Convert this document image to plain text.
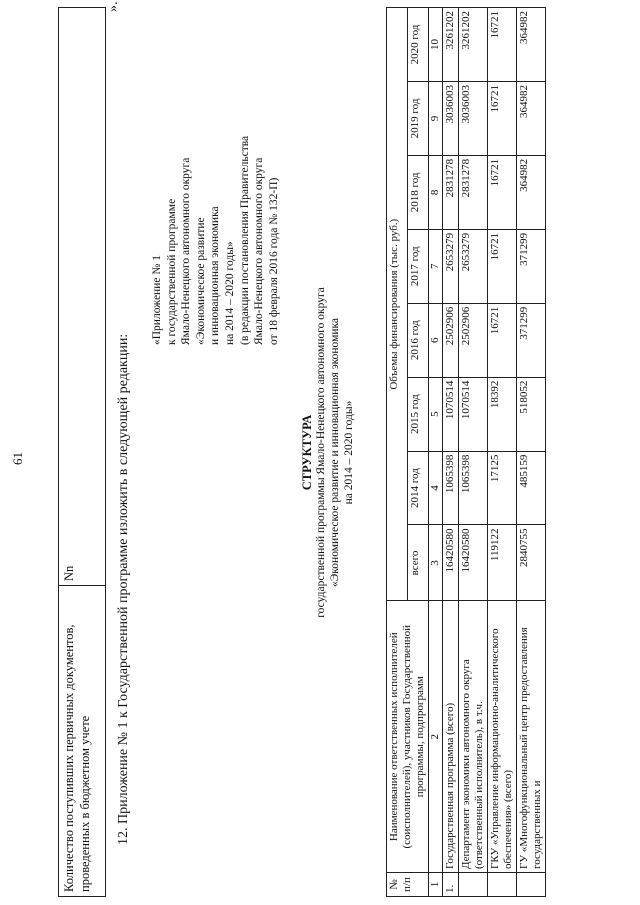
61
Количество поступивших первичных документов, проведенных в бюджетном учете	Nn
».
12. Приложение № 1 к Государственной программе изложить в следующей редакции:
«Приложение № 1 к государственной программе Ямало-Ненецкого автономного округа «Экономическое развитие и инновационная экономика на 2014 – 2020 годы» (в редакции постановления Правительства Ямало-Ненецкого автономного округа от 18 февраля 2016 года № 132-П)
СТРУКТУРА государственной программы Ямало-Ненецкого автономного округа «Экономическое развитие и инновационная экономика на 2014 – 2020 годы»
№ п/п	Наименование ответственных исполнителей (соисполнителей), участников Государственной программы, подпрограмм	Объемы финансирования (тыс. руб.)							
		всего	2014 год	2015 год	2016 год	2017 год	2018 год	2019 год	2020 год
1	2	3	4	5	6	7	8	9	10
1.	Государственная программа (всего)	16420580	1065398	1070514	2502906	2653279	2831278	3036003	3261202
	Департамент экономики автономного округа (ответственный исполнитель), в т.ч.	16420580	1065398	1070514	2502906	2653279	2831278	3036003	3261202
	ГКУ «Управление информационно-аналитического обеспечения» (всего)	119122	17125	18392	16721	16721	16721	16721	16721
	ГУ «Многофункциональный центр предоставления государственных и	2840755	485159	518052	371299	371299	364982	364982	364982
